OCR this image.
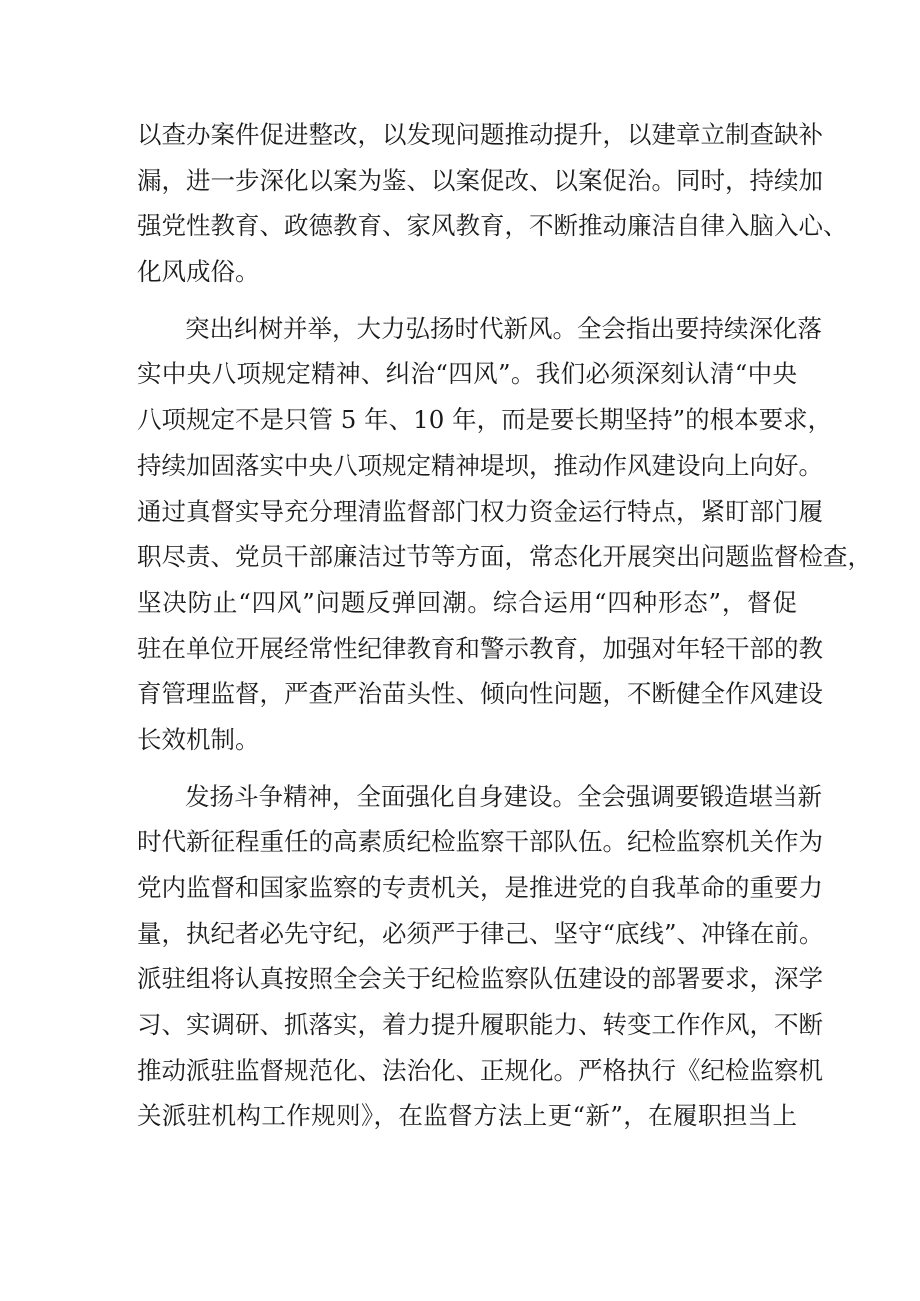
以查办案件促进整改，以发现问题推动提升，以建章立制查缺补
漏，进一步深化以案为鉴、以案促改、以案促治。同时，持续加
强党性教育、政德教育、家风教育，不断推动廉洁自律入脑入心、
化风成俗。
突出纠树并举，大力弘扬时代新风。全会指出要持续深化落
实中央八项规定精神、纠治“四风”。我们必须深刻认清“中央
八项规定不是只管 5 年、10 年，而是要长期坚持”的根本要求，
持续加固落实中央八项规定精神堤坝，推动作风建设向上向好。
通过真督实导充分理清监督部门权力资金运行特点，紧盯部门履
职尽责、党员干部廉洁过节等方面，常态化开展突出问题监督检查，
坚决防止“四风”问题反弹回潮。综合运用“四种形态”，督促
驻在单位开展经常性纪律教育和警示教育，加强对年轻干部的教
育管理监督，严查严治苗头性、倾向性问题，不断健全作风建设
长效机制。
发扬斗争精神，全面强化自身建设。全会强调要锻造堪当新
时代新征程重任的高素质纪检监察干部队伍。纪检监察机关作为
党内监督和国家监察的专责机关，是推进党的自我革命的重要力
量，执纪者必先守纪，必须严于律己、坚守“底线”、冲锋在前。
派驻组将认真按照全会关于纪检监察队伍建设的部署要求，深学
习、实调研、抓落实，着力提升履职能力、转变工作作风，不断
推动派驻监督规范化、法治化、正规化。严格执行《纪检监察机
关派驻机构工作规则》，在监督方法上更“新”，在履职担当上
